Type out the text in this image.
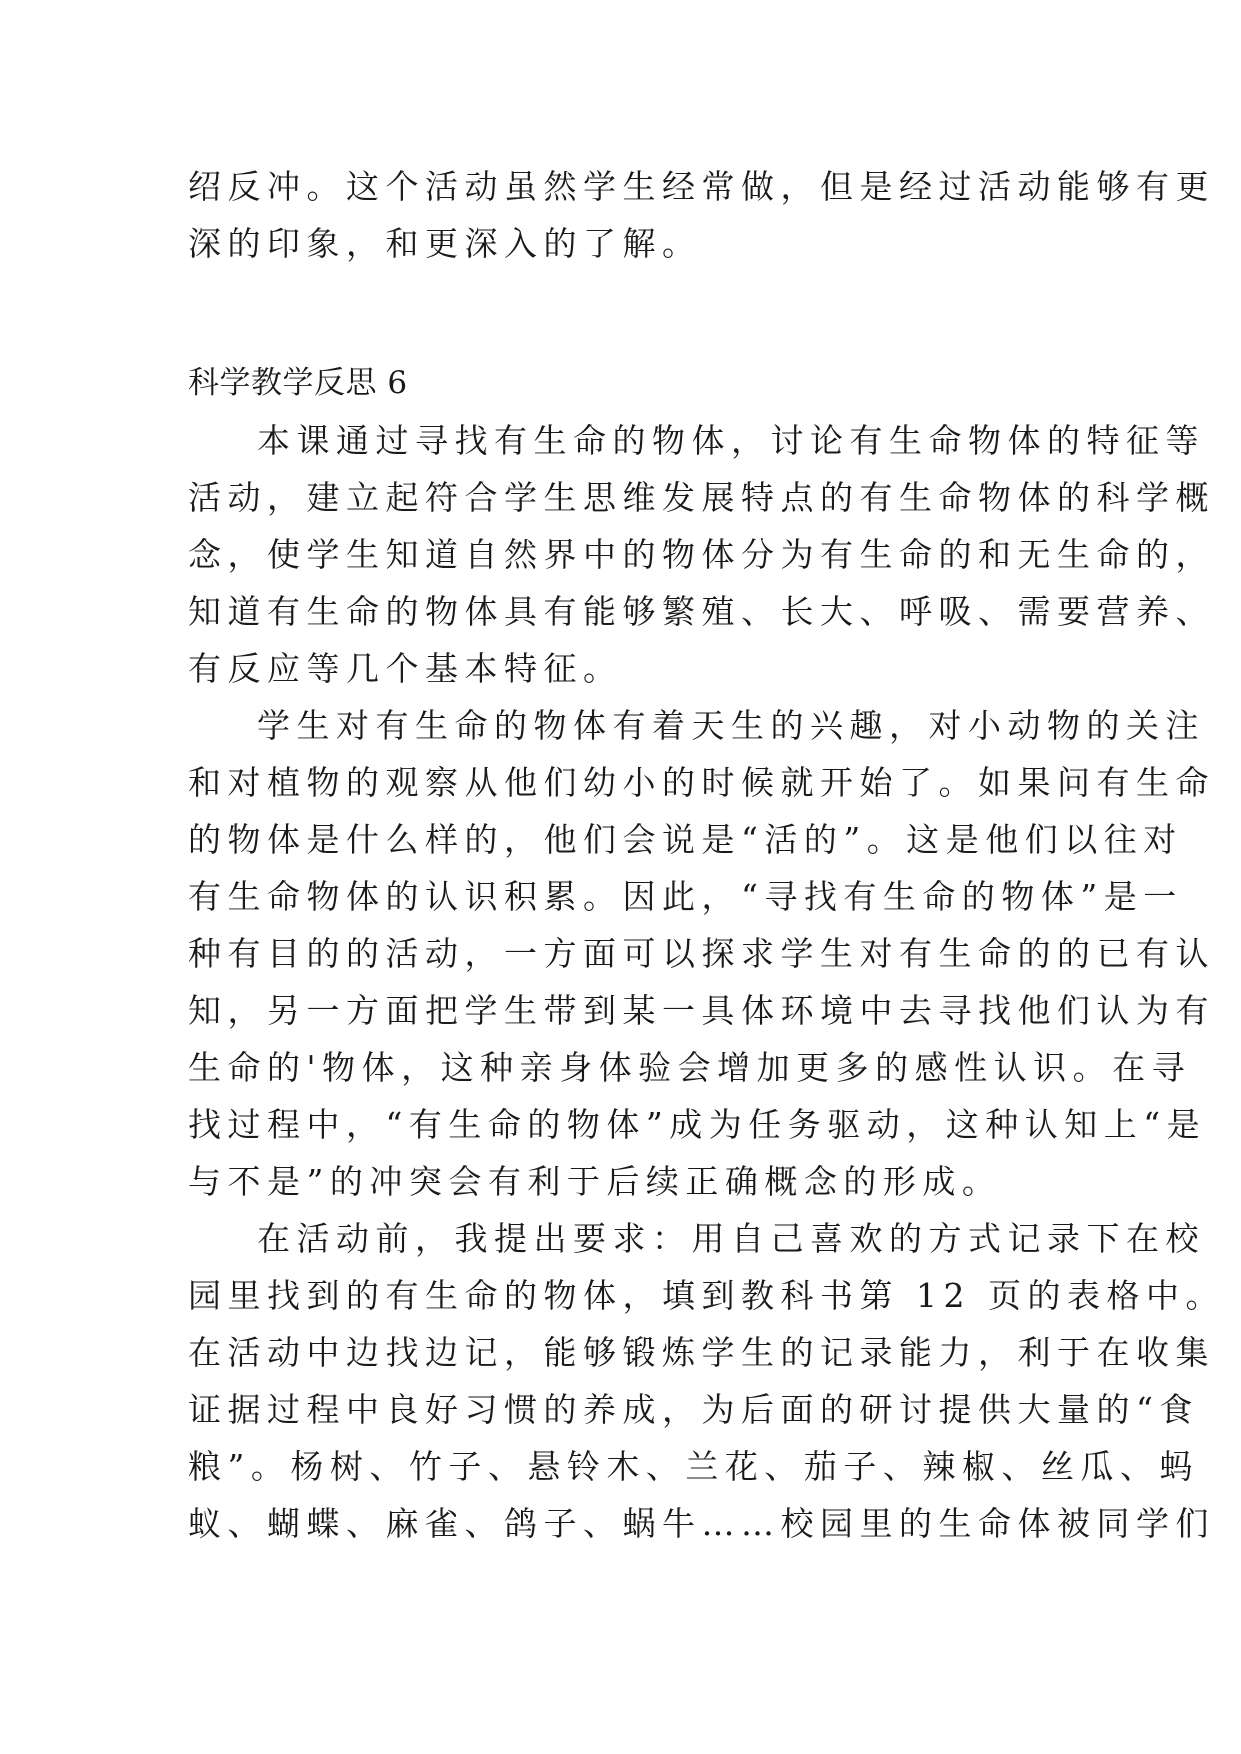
绍反冲。这个活动虽然学生经常做，但是经过活动能够有更
深的印象，和更深入的了解。
科学教学反思 6
本课通过寻找有生命的物体，讨论有生命物体的特征等
活动，建立起符合学生思维发展特点的有生命物体的科学概
念，使学生知道自然界中的物体分为有生命的和无生命的，
知道有生命的物体具有能够繁殖、长大、呼吸、需要营养、
有反应等几个基本特征。
学生对有生命的物体有着天生的兴趣，对小动物的关注
和对植物的观察从他们幼小的时候就开始了。如果问有生命
的物体是什么样的，他们会说是“活的”。这是他们以往对
有生命物体的认识积累。因此，“寻找有生命的物体”是一
种有目的的活动，一方面可以探求学生对有生命的的已有认
知，另一方面把学生带到某一具体环境中去寻找他们认为有
生命的'物体，这种亲身体验会增加更多的感性认识。在寻
找过程中，“有生命的物体”成为任务驱动，这种认知上“是
与不是”的冲突会有利于后续正确概念的形成。
在活动前，我提出要求：用自己喜欢的方式记录下在校
园里找到的有生命的物体，填到教科书第 12 页的表格中。
在活动中边找边记，能够锻炼学生的记录能力，利于在收集
证据过程中良好习惯的养成，为后面的研讨提供大量的“食
粮”。杨树、竹子、悬铃木、兰花、茄子、辣椒、丝瓜、蚂
蚁、蝴蝶、麻雀、鸽子、蜗牛……校园里的生命体被同学们
